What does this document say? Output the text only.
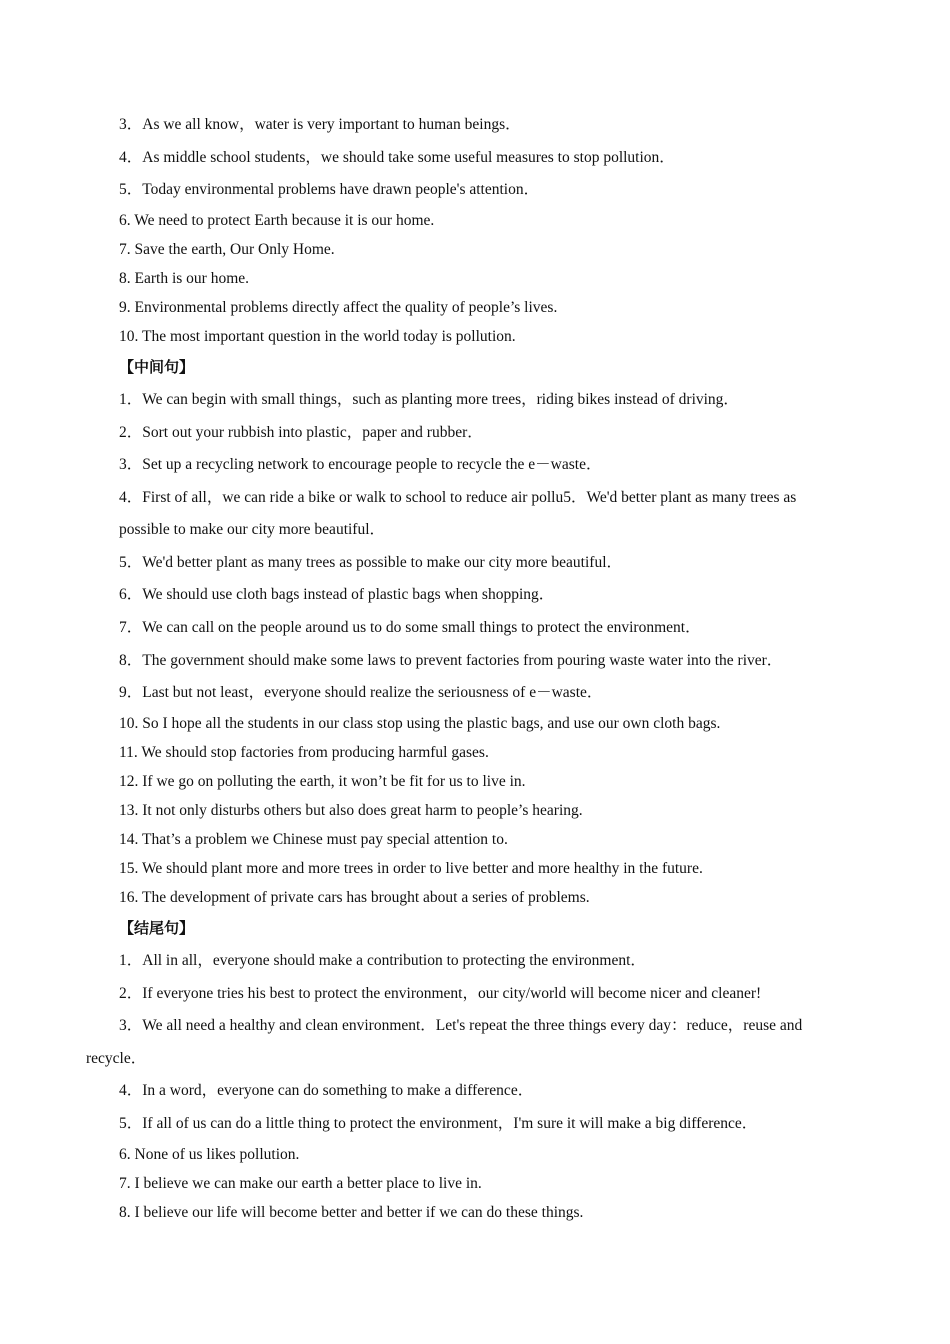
3．As we all know，water is very important to human beings．
4．As middle school students，we should take some useful measures to stop pollution．
5．Today environmental problems have drawn people's attention．
6. We need to protect Earth because it is our home.
7. Save the earth, Our Only Home.
8. Earth is our home.
9. Environmental problems directly affect the quality of people’s lives.
10. The most important question in the world today is pollution.
【中间句】
1．We can begin with small things，such as planting more trees，riding bikes instead of driving．
2．Sort out your rubbish into plastic，paper and rubber．
3．Set up a recycling network to encourage people to recycle the e－waste．
4．First of all，we can ride a bike or walk to school to reduce air pollu5．We'd better plant as many trees as
possible to make our city more beautiful．
5．We'd better plant as many trees as possible to make our city more beautiful．
6．We should use cloth bags instead of plastic bags when shopping．
7．We can call on the people around us to do some small things to protect the environment．
8．The government should make some laws to prevent factories from pouring waste water into the river．
9．Last but not least，everyone should realize the seriousness of e－waste．
10. So I hope all the students in our class stop using the plastic bags, and use our own cloth bags.
11. We should stop factories from producing harmful gases.
12. If we go on polluting the earth, it won’t be fit for us to live in.
13. It not only disturbs others but also does great harm to people’s hearing.
14. That’s a problem we Chinese must pay special attention to.
15. We should plant more and more trees in order to live better and more healthy in the future.
16. The development of private cars has brought about a series of problems.
【结尾句】
1．All in all，everyone should make a contribution to protecting the environment．
2．If everyone tries his best to protect the environment，our city/world will become nicer and cleaner!
3．We all need a healthy and clean environment．Let's repeat the three things every day：reduce，reuse and
recycle．
4．In a word，everyone can do something to make a difference．
5．If all of us can do a little thing to protect the environment，I'm sure it will make a big difference．
6. None of us likes pollution.
7. I believe we can make our earth a better place to live in.
8. I believe our life will become better and better if we can do these things.
